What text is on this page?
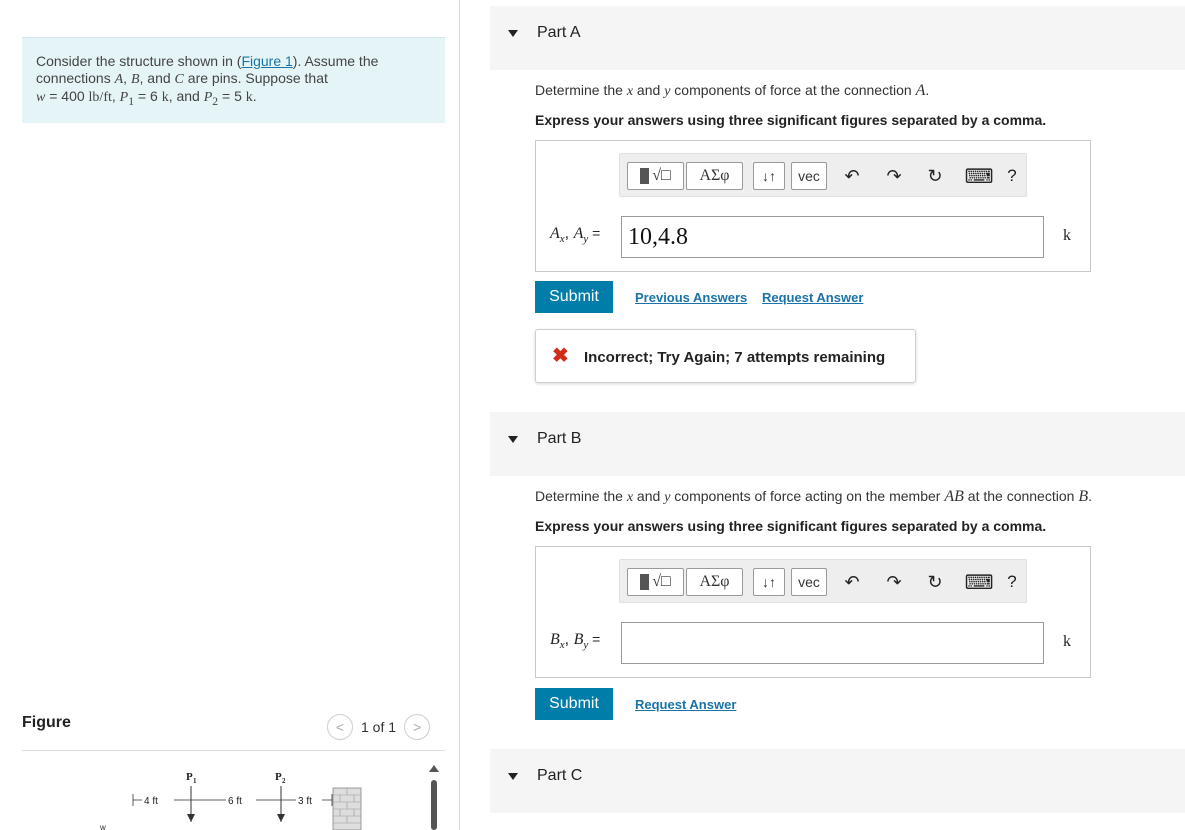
Consider the structure shown in (Figure 1). Assume the
connections A, B, and C are pins. Suppose that
w = 400 lb/ft, $P_1 = 6$ k, and $P_2 = 5$ k.
Figure	< 1 of 1 >
P 1	P 2
4 ft	6 ft	3 ft
w
Part A
Determine the x and y components of force at the connection A.
Express your answers using three significant figures separated by a comma.
√□ ΑΣφ ↓↑ vec ↶ ↷ ↻ ⌨ ?
$A_x$, $A_y = 10,4.8$	k
Submit	Previous Answers Request Answer
✖ Incorrect; Try Again; 7 attempts remaining
Part B
Determine the x and y components of force acting on the member AB at the connection B.
Express your answers using three significant figures separated by a comma.
√□ ΑΣφ ↓↑ vec ↶ ↷ ↻ ⌨ ?
$B_x$, $B_y$ =	k
Submit	Request Answer
Part C
